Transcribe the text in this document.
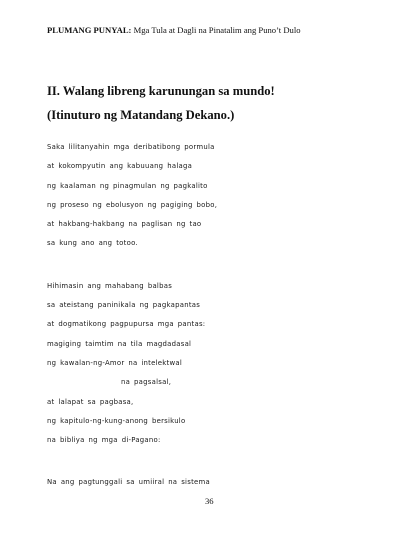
PLUMANG PUNYAL: Mga Tula at Dagli na Pinatalim ang Puno’t Dulo
II. Walang libreng karunungan sa mundo!
(Itinuturo ng Matandang Dekano.)
Saka lilitanyahin mga deribatibong pormula
at kokompyutin ang kabuuang halaga
ng kaalaman ng pinagmulan ng pagkalito
ng proseso ng ebolusyon ng pagiging bobo,
at hakbang-hakbang na paglisan ng tao
sa kung ano ang totoo.
Hihimasin ang mahabang balbas
sa ateistang paninikala ng pagkapantas
at dogmatikong pagpupursa mga pantas:
magiging taimtim na tila magdadasal
ng kawalan-ng-Amor na intelektwal
na pagsalsal,
at lalapat sa pagbasa,
ng kapitulo-ng-kung-anong bersikulo
na bibliya ng mga di-Pagano:
Na ang pagtunggali sa umiiral na sistema
36
